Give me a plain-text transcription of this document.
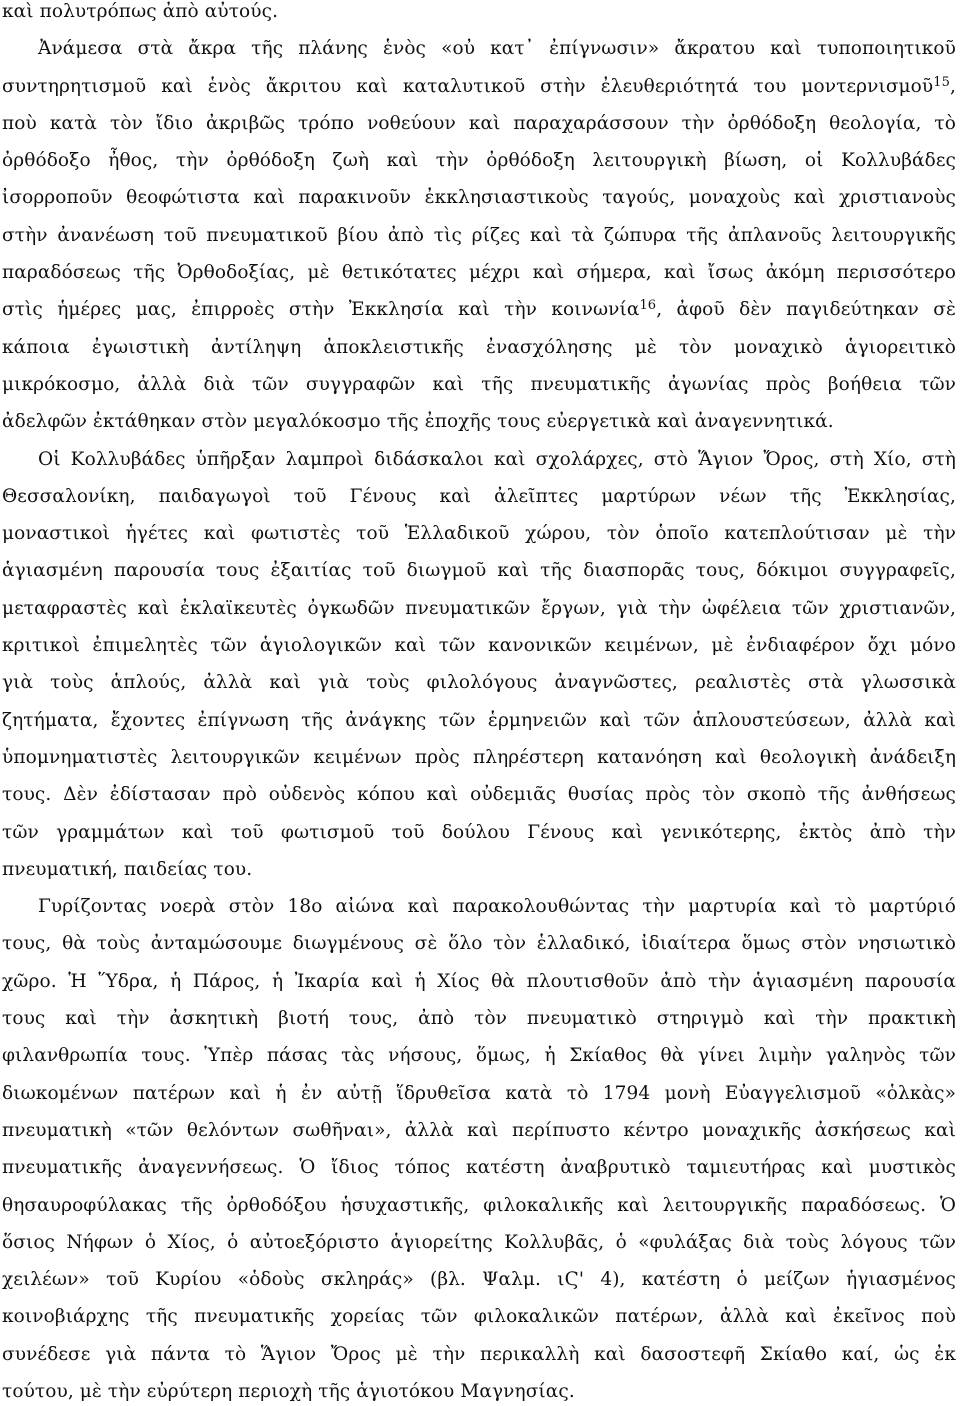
καὶ πολυτρόπως ἀπὸ αὐτούς.
Ἀνάμεσα στὰ ἄκρα τῆς πλάνης ἑνὸς «οὐ κατ᾽ ἐπίγνωσιν» ἄκρατου καὶ τυποποιητικοῦ
συντηρητισμοῦ καὶ ἑνὸς ἄκριτου καὶ καταλυτικοῦ στὴν ἐλευθεριότητά του μοντερνισμοῦ$^{15}$,
ποὺ κατὰ τὸν ἴδιο ἀκριβῶς τρόπο νοθεύουν καὶ παραχαράσσουν τὴν ὀρθόδοξη θεολογία, τὸ
ὀρθόδοξο ἦθος, τὴν ὀρθόδοξη ζωὴ καὶ τὴν ὀρθόδοξη λειτουργικὴ βίωση, οἱ Κολλυβάδες
ἰσορροποῦν θεοφώτιστα καὶ παρακινοῦν ἐκκλησιαστικοὺς ταγούς, μοναχοὺς καὶ χριστιανοὺς
στὴν ἀνανέωση τοῦ πνευματικοῦ βίου ἀπὸ τὶς ρίζες καὶ τὰ ζώπυρα τῆς ἀπλανοῦς λειτουργικῆς
παραδόσεως τῆς Ὀρθοδοξίας, μὲ θετικότατες μέχρι καὶ σήμερα, καὶ ἴσως ἀκόμη περισσότερο
στὶς ἡμέρες μας, ἐπιρροὲς στὴν Ἐκκλησία καὶ τὴν κοινωνία$^{16}$, ἀφοῦ δὲν παγιδεύτηκαν σὲ
κάποια ἐγωιστικὴ ἀντίληψη ἀποκλειστικῆς ἐνασχόλησης μὲ τὸν μοναχικὸ ἁγιορειτικὸ
μικρόκοσμο, ἀλλὰ διὰ τῶν συγγραφῶν καὶ τῆς πνευματικῆς ἀγωνίας πρὸς βοήθεια τῶν
ἀδελφῶν ἐκτάθηκαν στὸν μεγαλόκοσμο τῆς ἐποχῆς τους εὐεργετικὰ καὶ ἀναγεννητικά.
Οἱ Κολλυβάδες ὑπῆρξαν λαμπροὶ διδάσκαλοι καὶ σχολάρχες, στὸ Ἅγιον Ὄρος, στὴ Χίο, στὴ
Θεσσαλονίκη, παιδαγωγοὶ τοῦ Γένους καὶ ἀλεῖπτες μαρτύρων νέων τῆς Ἐκκλησίας,
μοναστικοὶ ἡγέτες καὶ φωτιστὲς τοῦ Ἑλλαδικοῦ χώρου, τὸν ὁποῖο κατεπλούτισαν μὲ τὴν
ἁγιασμένη παρουσία τους ἐξαιτίας τοῦ διωγμοῦ καὶ τῆς διασπορᾶς τους, δόκιμοι συγγραφεῖς,
μεταφραστὲς καὶ ἐκλαϊκευτὲς ὀγκωδῶν πνευματικῶν ἔργων, γιὰ τὴν ὠφέλεια τῶν χριστιανῶν,
κριτικοὶ ἐπιμελητὲς τῶν ἁγιολογικῶν καὶ τῶν κανονικῶν κειμένων, μὲ ἐνδιαφέρον ὄχι μόνο
γιὰ τοὺς ἁπλούς, ἀλλὰ καὶ γιὰ τοὺς φιλολόγους ἀναγνῶστες, ρεαλιστὲς στὰ γλωσσικὰ
ζητήματα, ἔχοντες ἐπίγνωση τῆς ἀνάγκης τῶν ἑρμηνειῶν καὶ τῶν ἁπλουστεύσεων, ἀλλὰ καὶ
ὑπομνηματιστὲς λειτουργικῶν κειμένων πρὸς πληρέστερη κατανόηση καὶ θεολογικὴ ἀνάδειξη
τους. Δὲν ἐδίστασαν πρὸ οὐδενὸς κόπου καὶ οὐδεμιᾶς θυσίας πρὸς τὸν σκοπὸ τῆς ἀνθήσεως
τῶν γραμμάτων καὶ τοῦ φωτισμοῦ τοῦ δούλου Γένους καὶ γενικότερης, ἐκτὸς ἀπὸ τὴν
πνευματική, παιδείας του.
Γυρίζοντας νοερὰ στὸν 18ο αἰώνα καὶ παρακολουθώντας τὴν μαρτυρία καὶ τὸ μαρτύριό
τους, θὰ τοὺς ἀνταμώσουμε διωγμένους σὲ ὅλο τὸν ἑλλαδικό, ἰδιαίτερα ὅμως στὸν νησιωτικὸ
χῶρο. Ἡ Ὕδρα, ἡ Πάρος, ἡ Ἰκαρία καὶ ἡ Χίος θὰ πλουτισθοῦν ἀπὸ τὴν ἁγιασμένη παρουσία
τους καὶ τὴν ἀσκητικὴ βιοτή τους, ἀπὸ τὸν πνευματικὸ στηριγμὸ καὶ τὴν πρακτικὴ
φιλανθρωπία τους. Ὑπὲρ πάσας τὰς νήσους, ὅμως, ἡ Σκίαθος θὰ γίνει λιμὴν γαληνὸς τῶν
διωκομένων πατέρων καὶ ἡ ἐν αὐτῇ ἵδρυθεῖσα κατὰ τὸ 1794 μονὴ Εὐαγγελισμοῦ «ὁλκὰς»
πνευματικὴ «τῶν θελόντων σωθῆναι», ἀλλὰ καὶ περίπυστο κέντρο μοναχικῆς ἀσκήσεως καὶ
πνευματικῆς ἀναγεννήσεως. Ὁ ἴδιος τόπος κατέστη ἀναβρυτικὸ ταμιευτήρας καὶ μυστικὸς
θησαυροφύλακας τῆς ὀρθοδόξου ἡσυχαστικῆς, φιλοκαλικῆς καὶ λειτουργικῆς παραδόσεως. Ὁ
ὅσιος Νήφων ὁ Χίος, ὁ αὐτοεξόριστο ἁγιορείτης Κολλυβᾶς, ὁ «φυλάξας διὰ τοὺς λόγους τῶν
χειλέων» τοῦ Κυρίου «ὁδοὺς σκληράς» (βλ. Ψαλμ. ιϚ' 4), κατέστη ὁ μείζων ἡγιασμένος
κοινοβιάρχης τῆς πνευματικῆς χορείας τῶν φιλοκαλικῶν πατέρων, ἀλλὰ καὶ ἐκεῖνος ποὺ
συνέδεσε γιὰ πάντα τὸ Ἅγιον Ὄρος μὲ τὴν περικαλλὴ καὶ δασοστεφῆ Σκίαθο καί, ὡς ἐκ
τούτου, μὲ τὴν εὐρύτερη περιοχὴ τῆς ἁγιοτόκου Μαγνησίας.
